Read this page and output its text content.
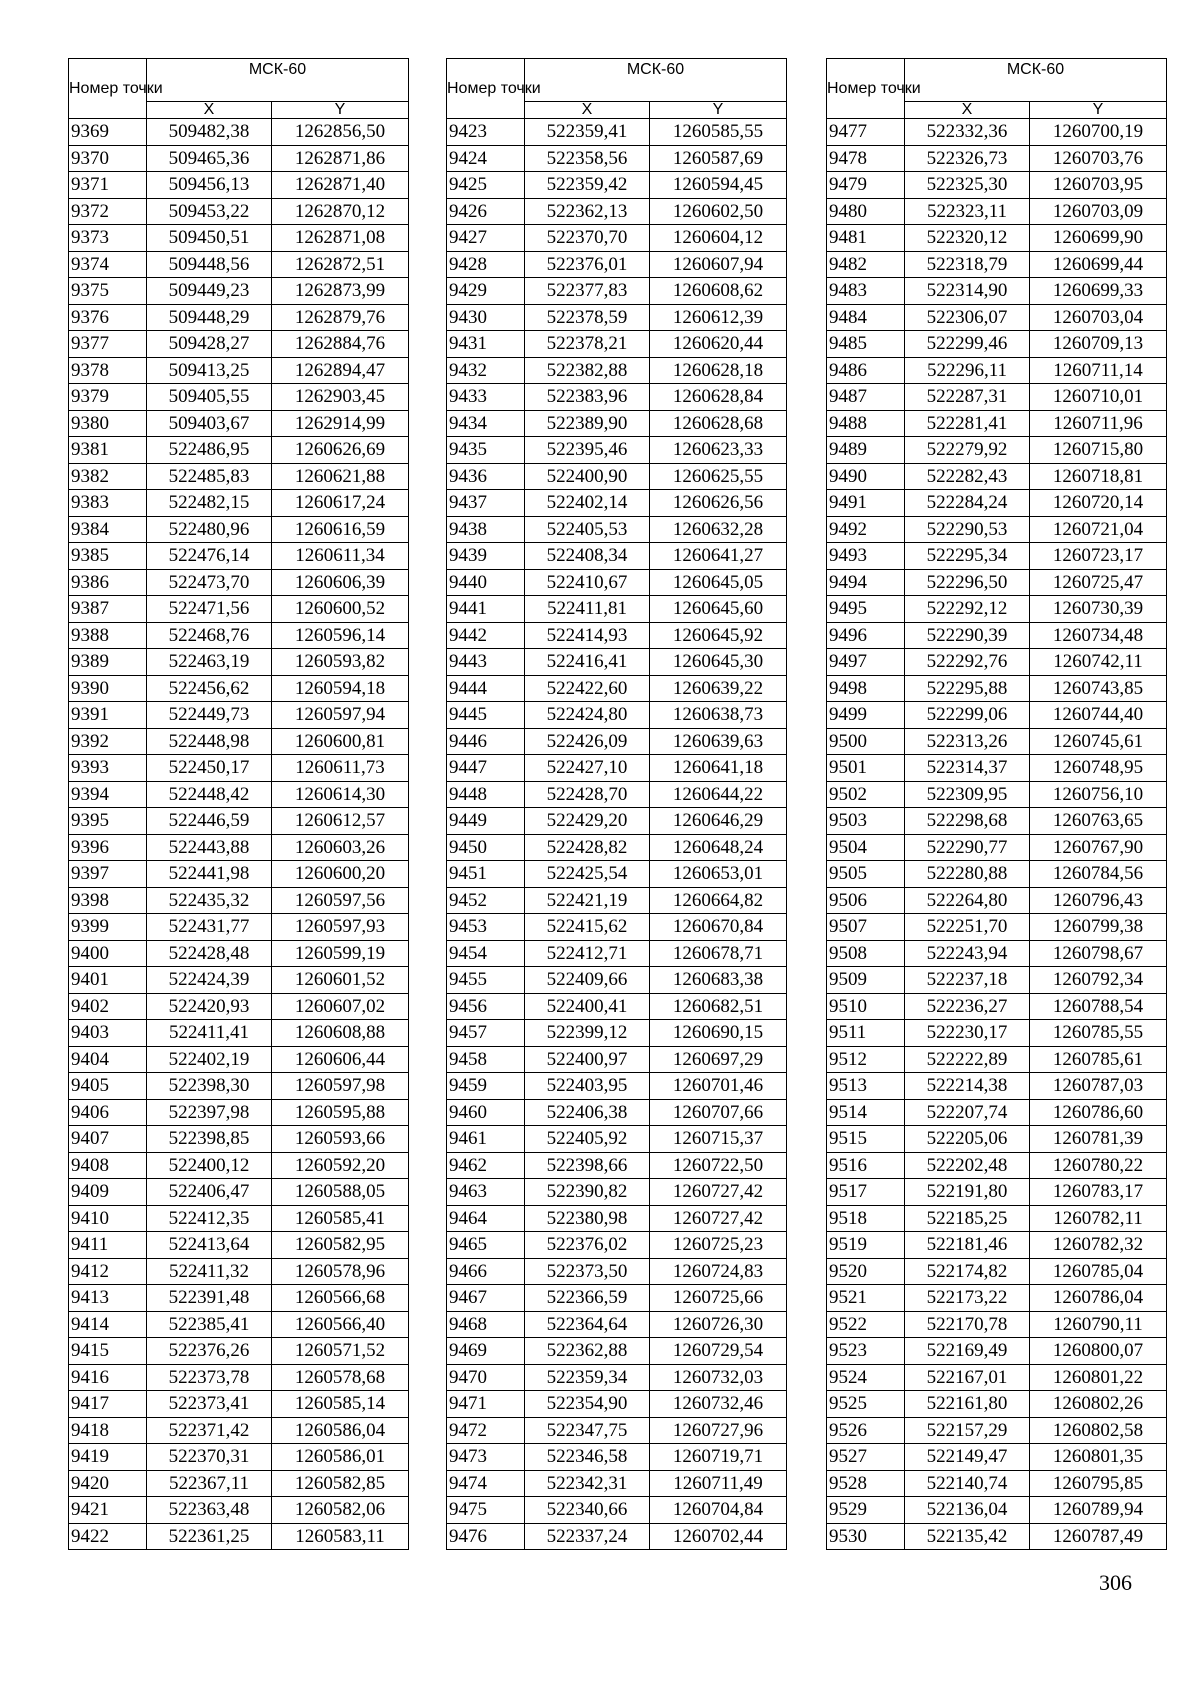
Номер точки	МСК-60	
	X	Y
9369	509482,38	1262856,50
9370	509465,36	1262871,86
9371	509456,13	1262871,40
9372	509453,22	1262870,12
9373	509450,51	1262871,08
9374	509448,56	1262872,51
9375	509449,23	1262873,99
9376	509448,29	1262879,76
9377	509428,27	1262884,76
9378	509413,25	1262894,47
9379	509405,55	1262903,45
9380	509403,67	1262914,99
9381	522486,95	1260626,69
9382	522485,83	1260621,88
9383	522482,15	1260617,24
9384	522480,96	1260616,59
9385	522476,14	1260611,34
9386	522473,70	1260606,39
9387	522471,56	1260600,52
9388	522468,76	1260596,14
9389	522463,19	1260593,82
9390	522456,62	1260594,18
9391	522449,73	1260597,94
9392	522448,98	1260600,81
9393	522450,17	1260611,73
9394	522448,42	1260614,30
9395	522446,59	1260612,57
9396	522443,88	1260603,26
9397	522441,98	1260600,20
9398	522435,32	1260597,56
9399	522431,77	1260597,93
9400	522428,48	1260599,19
9401	522424,39	1260601,52
9402	522420,93	1260607,02
9403	522411,41	1260608,88
9404	522402,19	1260606,44
9405	522398,30	1260597,98
9406	522397,98	1260595,88
9407	522398,85	1260593,66
9408	522400,12	1260592,20
9409	522406,47	1260588,05
9410	522412,35	1260585,41
9411	522413,64	1260582,95
9412	522411,32	1260578,96
9413	522391,48	1260566,68
9414	522385,41	1260566,40
9415	522376,26	1260571,52
9416	522373,78	1260578,68
9417	522373,41	1260585,14
9418	522371,42	1260586,04
9419	522370,31	1260586,01
9420	522367,11	1260582,85
9421	522363,48	1260582,06
9422	522361,25	1260583,11
Номер точки	МСК-60	
	X	Y
9423	522359,41	1260585,55
9424	522358,56	1260587,69
9425	522359,42	1260594,45
9426	522362,13	1260602,50
9427	522370,70	1260604,12
9428	522376,01	1260607,94
9429	522377,83	1260608,62
9430	522378,59	1260612,39
9431	522378,21	1260620,44
9432	522382,88	1260628,18
9433	522383,96	1260628,84
9434	522389,90	1260628,68
9435	522395,46	1260623,33
9436	522400,90	1260625,55
9437	522402,14	1260626,56
9438	522405,53	1260632,28
9439	522408,34	1260641,27
9440	522410,67	1260645,05
9441	522411,81	1260645,60
9442	522414,93	1260645,92
9443	522416,41	1260645,30
9444	522422,60	1260639,22
9445	522424,80	1260638,73
9446	522426,09	1260639,63
9447	522427,10	1260641,18
9448	522428,70	1260644,22
9449	522429,20	1260646,29
9450	522428,82	1260648,24
9451	522425,54	1260653,01
9452	522421,19	1260664,82
9453	522415,62	1260670,84
9454	522412,71	1260678,71
9455	522409,66	1260683,38
9456	522400,41	1260682,51
9457	522399,12	1260690,15
9458	522400,97	1260697,29
9459	522403,95	1260701,46
9460	522406,38	1260707,66
9461	522405,92	1260715,37
9462	522398,66	1260722,50
9463	522390,82	1260727,42
9464	522380,98	1260727,42
9465	522376,02	1260725,23
9466	522373,50	1260724,83
9467	522366,59	1260725,66
9468	522364,64	1260726,30
9469	522362,88	1260729,54
9470	522359,34	1260732,03
9471	522354,90	1260732,46
9472	522347,75	1260727,96
9473	522346,58	1260719,71
9474	522342,31	1260711,49
9475	522340,66	1260704,84
9476	522337,24	1260702,44
Номер точки	МСК-60	
	X	Y
9477	522332,36	1260700,19
9478	522326,73	1260703,76
9479	522325,30	1260703,95
9480	522323,11	1260703,09
9481	522320,12	1260699,90
9482	522318,79	1260699,44
9483	522314,90	1260699,33
9484	522306,07	1260703,04
9485	522299,46	1260709,13
9486	522296,11	1260711,14
9487	522287,31	1260710,01
9488	522281,41	1260711,96
9489	522279,92	1260715,80
9490	522282,43	1260718,81
9491	522284,24	1260720,14
9492	522290,53	1260721,04
9493	522295,34	1260723,17
9494	522296,50	1260725,47
9495	522292,12	1260730,39
9496	522290,39	1260734,48
9497	522292,76	1260742,11
9498	522295,88	1260743,85
9499	522299,06	1260744,40
9500	522313,26	1260745,61
9501	522314,37	1260748,95
9502	522309,95	1260756,10
9503	522298,68	1260763,65
9504	522290,77	1260767,90
9505	522280,88	1260784,56
9506	522264,80	1260796,43
9507	522251,70	1260799,38
9508	522243,94	1260798,67
9509	522237,18	1260792,34
9510	522236,27	1260788,54
9511	522230,17	1260785,55
9512	522222,89	1260785,61
9513	522214,38	1260787,03
9514	522207,74	1260786,60
9515	522205,06	1260781,39
9516	522202,48	1260780,22
9517	522191,80	1260783,17
9518	522185,25	1260782,11
9519	522181,46	1260782,32
9520	522174,82	1260785,04
9521	522173,22	1260786,04
9522	522170,78	1260790,11
9523	522169,49	1260800,07
9524	522167,01	1260801,22
9525	522161,80	1260802,26
9526	522157,29	1260802,58
9527	522149,47	1260801,35
9528	522140,74	1260795,85
9529	522136,04	1260789,94
9530	522135,42	1260787,49
306
